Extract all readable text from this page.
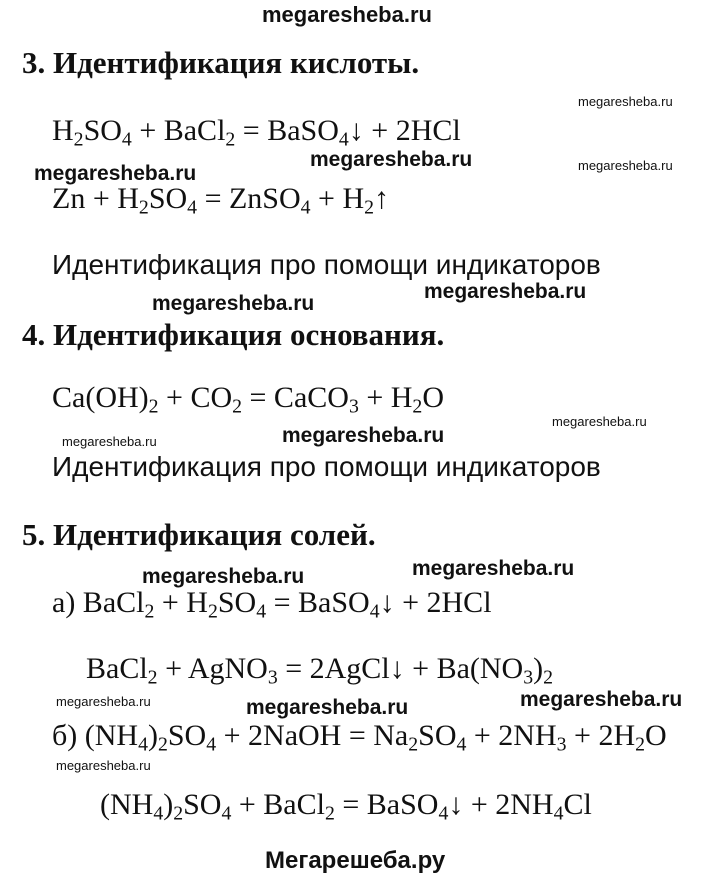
megaresheba.ru
3. Идентификация кислоты.
$H_2SO_4$ + BaCl$_2$ = BaSO$_4$↓ + 2HCl
$Zn + H_2SO_4$ = ZnSO$_4$ + $H_2↑$
Идентификация про помощи индикаторов
4. Идентификация основания.
$Ca(OH)_2 + CO_2$ = CaCO$_3$ + $H_2O$
Идентификация про помощи индикаторов
5. Идентификация солей.
а) BaCl$_2$ + $H_2SO_4$ = BaSO$_4$↓ + 2HCl
BaCl$_2$ + AgNO$_3$ = 2AgCl↓ + $Ba(NO_3)_2$
б) $(NH_4)_2SO_4$ + 2NaOH = $Na_2SO_4 + 2NH_3 + 2H_2O$
$(NH_4)_2SO_4$ + BaCl$_2$ = BaSO$_4$↓ + $2NH_4Cl$
megaresheba.ru
megaresheba.ru
megaresheba.ru	megaresheba.ru
megaresheba.ru
megaresheba.ru
megaresheba.ru
megaresheba.ru
megaresheba.ru
megaresheba.ru
megaresheba.ru
megaresheba.ru
megaresheba.ru	megaresheba.ru
megaresheba.ru
Мегарешеба.ру
